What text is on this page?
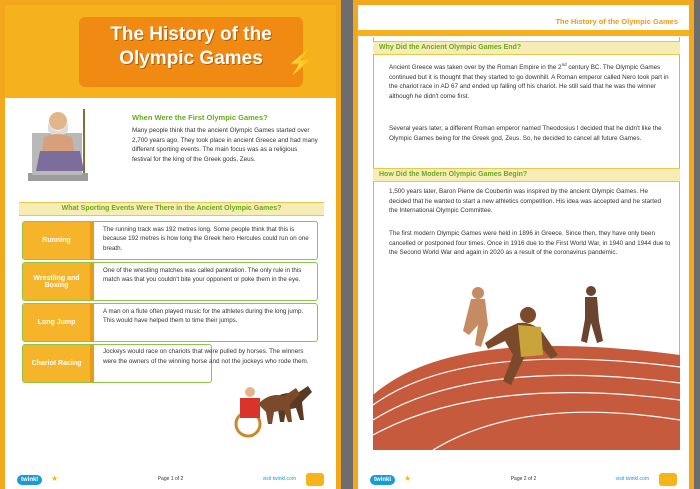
The History of the
Olympic Games	⚡
When Were the First Olympic Games?
Many people think that the ancient Olympic Games started over 2,700 years ago. They took place in ancient Greece and had many different sporting events. The main focus was as a religious festival for the king of the Greek gods, Zeus.
What Sporting Events Were There in the Ancient Olympic Games?
Running
The running track was 192 metres long. Some people think that this is because 192 metres is how long the Greek hero Hercules could run on one breath.
Wrestling and Boxing
One of the wrestling matches was called pankration. The only rule in this match was that you couldn't bite your opponent or poke them in the eye.
Long Jump
A man on a flute often played music for the athletes during the long jump. This would have helped them to time their jumps.
Chariot Racing
Jockeys would race on chariots that were pulled by horses. The winners were the owners of the winning horse and not the jockeys who rode them.
twinkl	★	Page 1 of 2	visit twinkl.com
The History of the Olympic Games
Why Did the Ancient Olympic Games End?
Ancient Greece was taken over by the Roman Empire in the 2nd century BC. The Olympic Games continued but it is thought that they started to go downhill. A Roman emperor called Nero took part in the chariot race in AD 67 and ended up falling off his chariot. He still said that he was the winner although he didn't come first.
Several years later, a different Roman emperor named Theodosius I decided that he didn't like the Olympic Games being for the Greek god, Zeus. So, he decided to cancel all future Games.
How Did the Modern Olympic Games Begin?
1,500 years later, Baron Pierre de Coubertin was inspired by the ancient Olympic Games. He decided that he wanted to start a new athletics competition. His idea was accepted and he started the International Olympic Committee.
The first modern Olympic Games were held in 1896 in Greece. Since then, they have only been cancelled or postponed four times. Once in 1916 due to the First World War, in 1940 and 1944 due to the Second World War and again in 2020 as a result of the coronavirus pandemic.
twinkl	★	Page 2 of 2	visit twinkl.com
